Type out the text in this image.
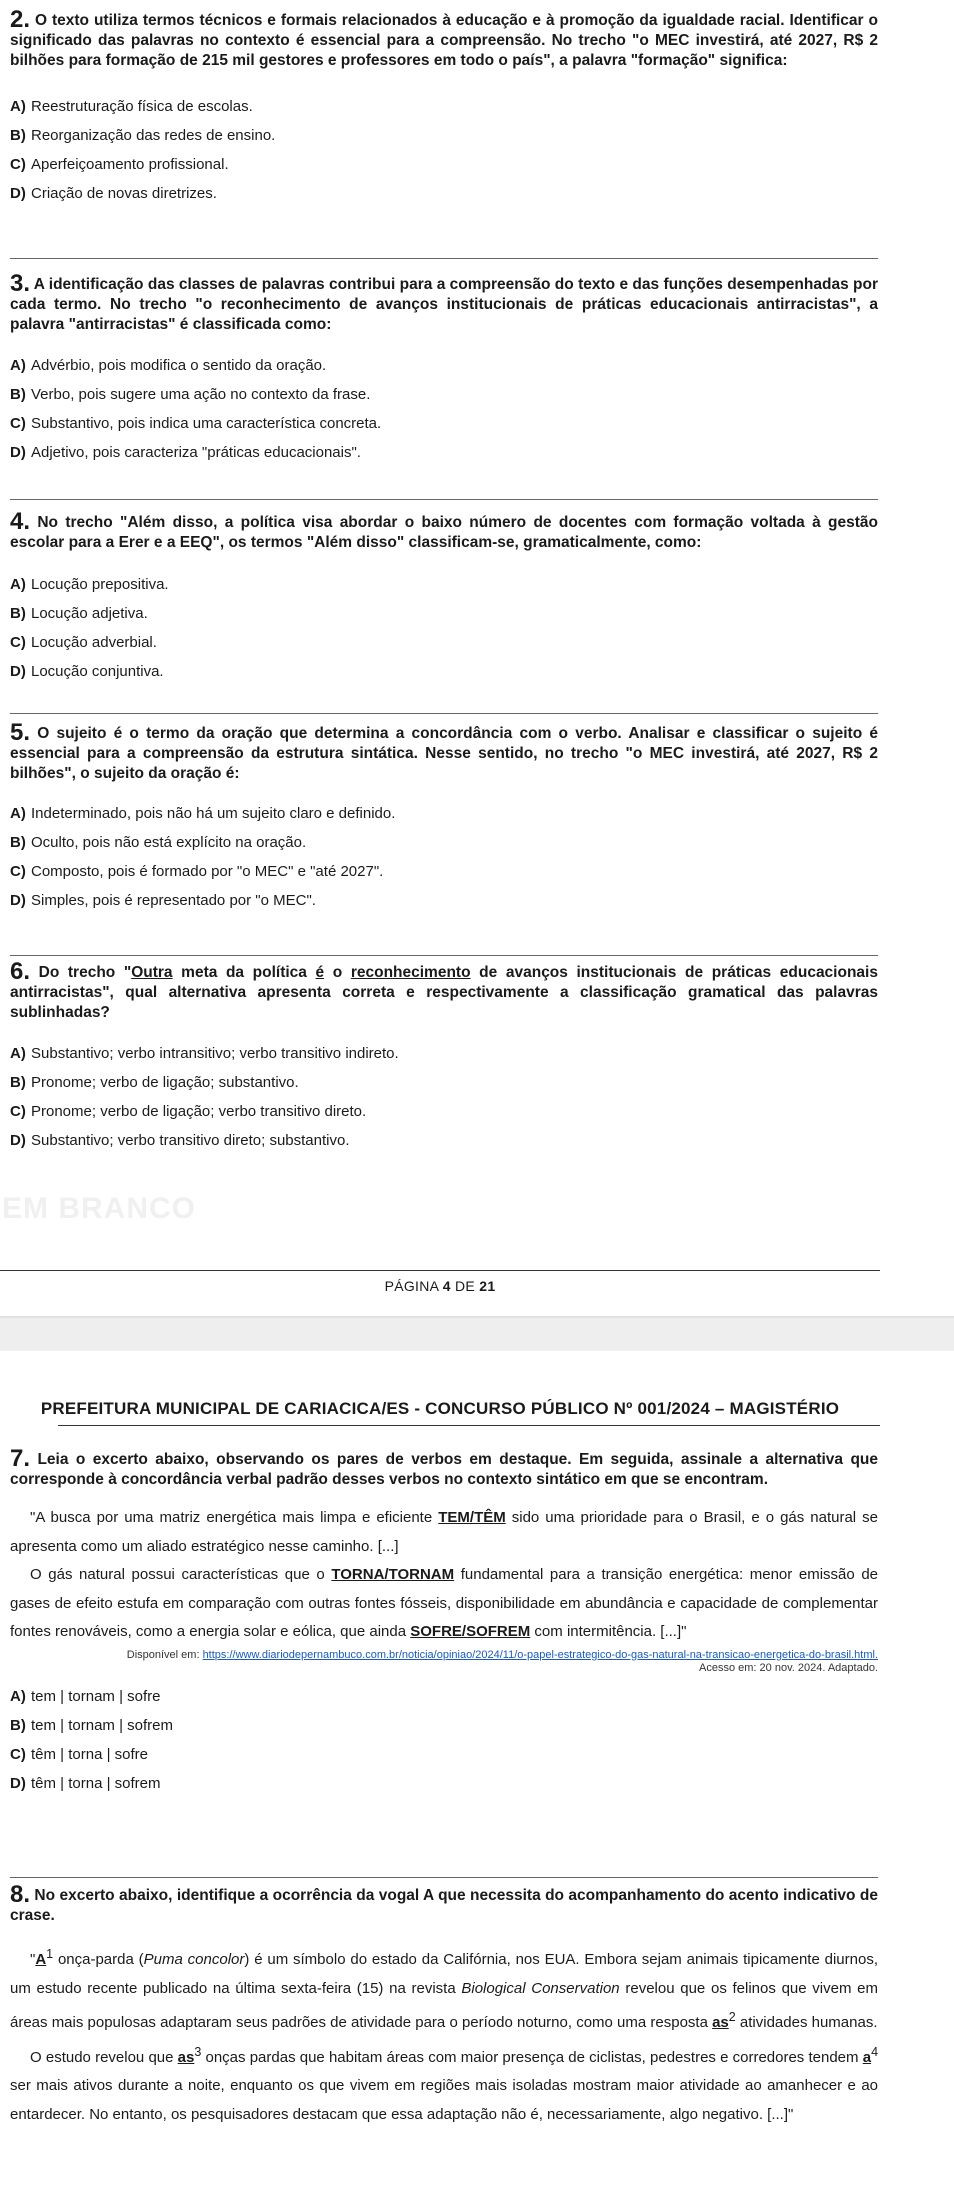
2. O texto utiliza termos técnicos e formais relacionados à educação e à promoção da igualdade racial. Identificar o significado das palavras no contexto é essencial para a compreensão. No trecho "o MEC investirá, até 2027, R$ 2 bilhões para formação de 215 mil gestores e professores em todo o país", a palavra "formação" significa:

A) Reestruturação física de escolas.
B) Reorganização das redes de ensino.
C) Aperfeiçoamento profissional.
D) Criação de novas diretrizes.

3. A identificação das classes de palavras contribui para a compreensão do texto e das funções desempenhadas por cada termo. No trecho "o reconhecimento de avanços institucionais de práticas educacionais antirracistas", a palavra "antirracistas" é classificada como:

A) Advérbio, pois modifica o sentido da oração.
B) Verbo, pois sugere uma ação no contexto da frase.
C) Substantivo, pois indica uma característica concreta.
D) Adjetivo, pois caracteriza "práticas educacionais".

4. No trecho "Além disso, a política visa abordar o baixo número de docentes com formação voltada à gestão escolar para a Erer e a EEQ", os termos "Além disso" classificam-se, gramaticalmente, como:

A) Locução prepositiva.
B) Locução adjetiva.
C) Locução adverbial.
D) Locução conjuntiva.

5. O sujeito é o termo da oração que determina a concordância com o verbo. Analisar e classificar o sujeito é essencial para a compreensão da estrutura sintática. Nesse sentido, no trecho "o MEC investirá, até 2027, R$ 2 bilhões", o sujeito da oração é:

A) Indeterminado, pois não há um sujeito claro e definido.
B) Oculto, pois não está explícito na oração.
C) Composto, pois é formado por "o MEC" e "até 2027".
D) Simples, pois é representado por "o MEC".

6. Do trecho "Outra meta da política é o reconhecimento de avanços institucionais de práticas educacionais antirracistas", qual alternativa apresenta correta e respectivamente a classificação gramatical das palavras sublinhadas?

A) Substantivo; verbo intransitivo; verbo transitivo indireto.
B) Pronome; verbo de ligação; substantivo.
C) Pronome; verbo de ligação; verbo transitivo direto.
D) Substantivo; verbo transitivo direto; substantivo.
EM BRANCO
PÁGINA 4 DE 21
PREFEITURA MUNICIPAL DE CARIACICA/ES - CONCURSO PÚBLICO Nº 001/2024 – MAGISTÉRIO

7. Leia o excerto abaixo, observando os pares de verbos em destaque. Em seguida, assinale a alternativa que corresponde à concordância verbal padrão desses verbos no contexto sintático em que se encontram.

"A busca por uma matriz energética mais limpa e eficiente TEM/TÊM sido uma prioridade para o Brasil, e o gás natural se apresenta como um aliado estratégico nesse caminho. [...]

O gás natural possui características que o TORNA/TORNAM fundamental para a transição energética: menor emissão de gases de efeito estufa em comparação com outras fontes fósseis, disponibilidade em abundância e capacidade de complementar fontes renováveis, como a energia solar e eólica, que ainda SOFRE/SOFREM com intermitência. [...]"

Disponível em: https://www.diariodepernambuco.com.br/noticia/opiniao/2024/11/o-papel-estrategico-do-gas-natural-na-transicao-energetica-do-brasil.html.
Acesso em: 20 nov. 2024. Adaptado.
A) tem | tornam | sofre
B) tem | tornam | sofrem
C) têm | torna | sofre
D) têm | torna | sofrem

8. No excerto abaixo, identifique a ocorrência da vogal A que necessita do acompanhamento do acento indicativo de crase.

"$A^1$ onça-parda (Puma concolor) é um símbolo do estado da Califórnia, nos EUA. Embora sejam animais tipicamente diurnos, um estudo recente publicado na última sexta-feira (15) na revista Biological Conservation revelou que os felinos que vivem em áreas mais populosas adaptaram seus padrões de atividade para o período noturno, como uma resposta $as^2$ atividades humanas.

O estudo revelou que $as^3$ onças pardas que habitam áreas com maior presença de ciclistas, pedestres e corredores tendem $a^4$ ser mais ativos durante a noite, enquanto os que vivem em regiões mais isoladas mostram maior atividade ao amanhecer e ao entardecer. No entanto, os pesquisadores destacam que essa adaptação não é, necessariamente, algo negativo. [...]"
